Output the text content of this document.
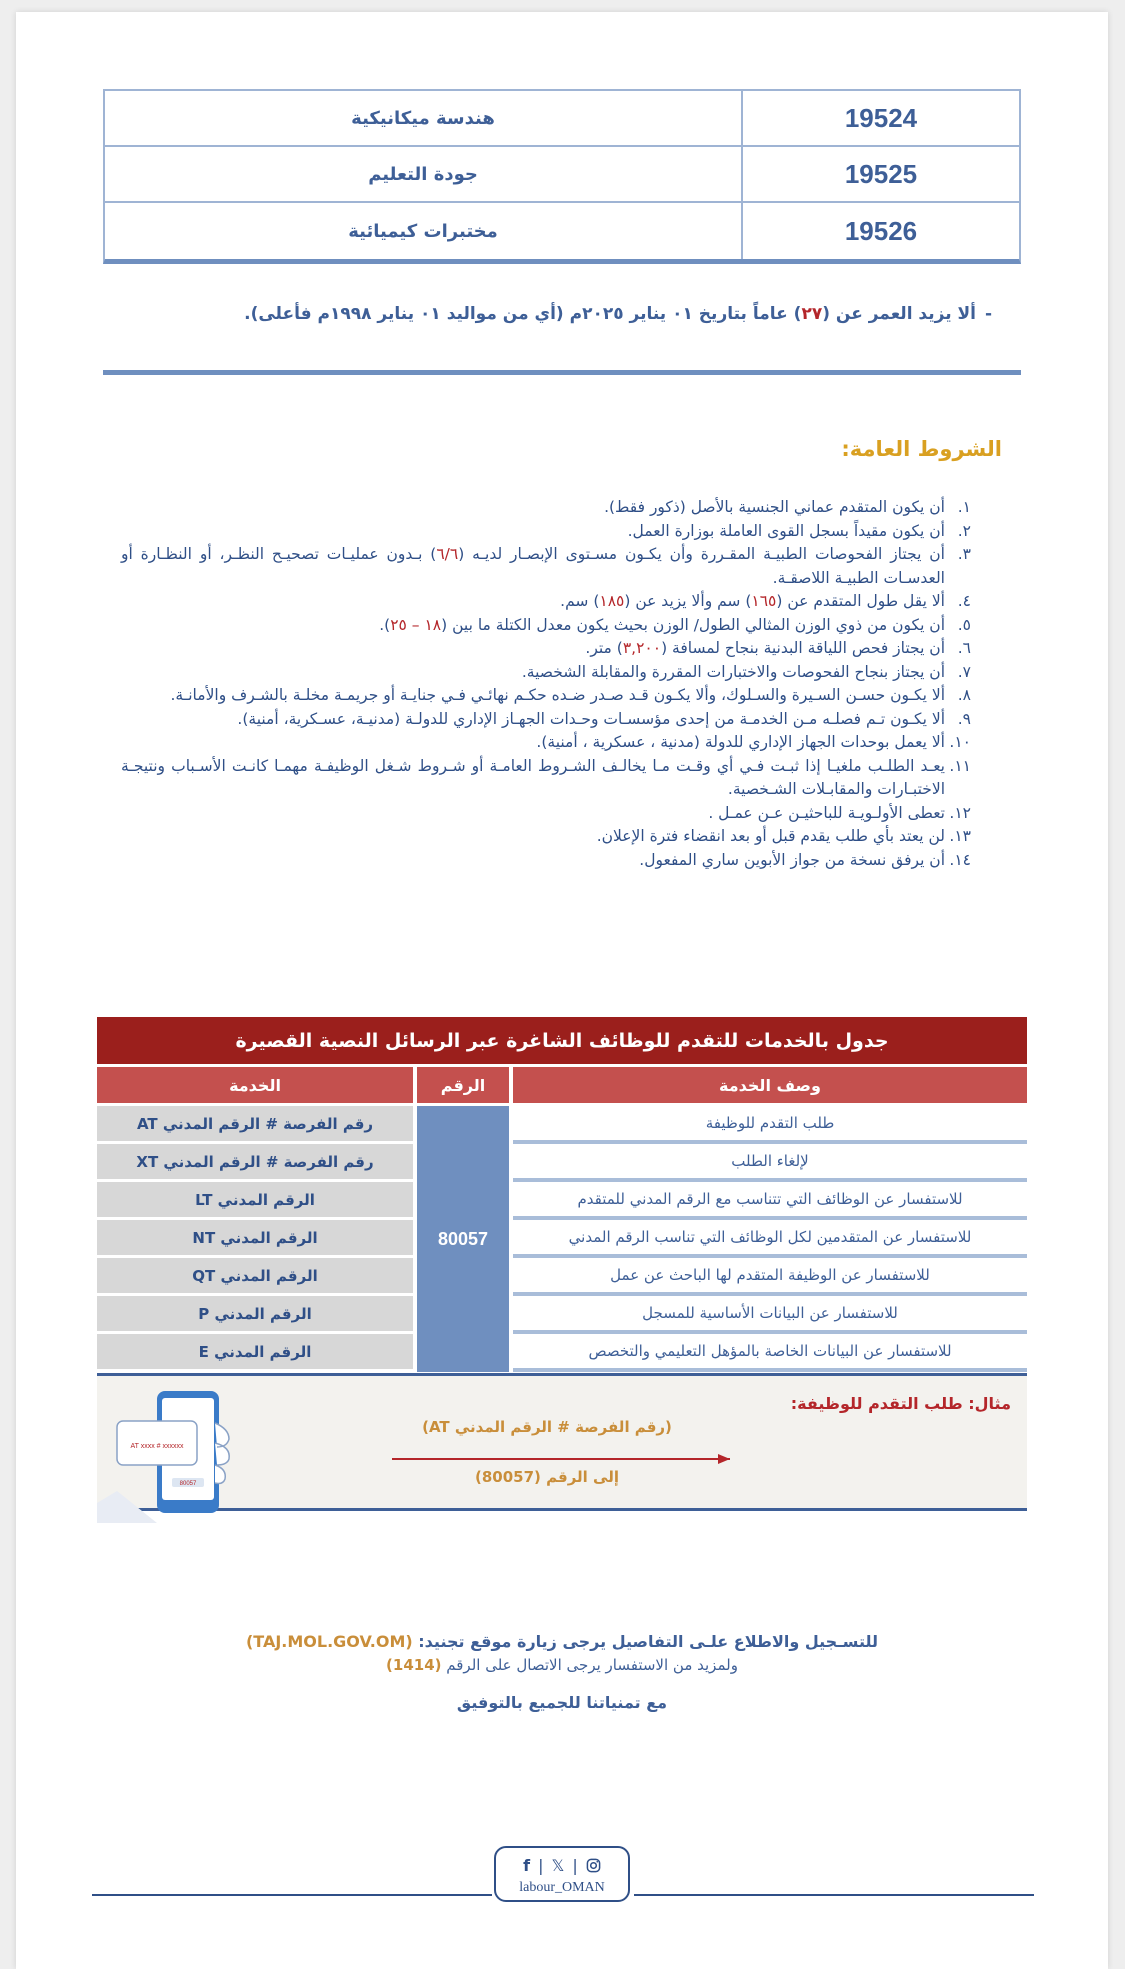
19524
هندسة ميكانيكية
19525
جودة التعليم
19526
مختبرات كيميائية
-
ألا يزيد العمر عن (٢٧) عاماً بتاريخ ٠١ يناير ٢٠٢٥م (أي من مواليد ٠١ يناير ١٩٩٨م فأعلى).
الشروط العامة:
١.
أن يكون المتقدم عماني الجنسية بالأصل (ذكور فقط).
٢.
أن يكون مقيداً بسجل القوى العاملة بوزارة العمل.
٣.
أن يجتاز الفحوصات الطبيـة المقـررة وأن يكـون مسـتوى الإبصـار لديـه (٦/٦) بـدون عمليـات تصحيـح النظـر، أو النظـارة أو العدسـات الطبيـة اللاصقـة.
٤.
ألا يقل طول المتقدم عن (١٦٥) سم وألا يزيد عن (١٨٥) سم.
٥.
أن يكون من ذوي الوزن المثالي الطول/ الوزن بحيث يكون معدل الكتلة ما بين (١٨ – ٢٥).
٦.
أن يجتاز فحص اللياقة البدنية بنجاح لمسافة (٣,٢٠٠) متر.
٧.
أن يجتاز بنجاح الفحوصات والاختبارات المقررة والمقابلة الشخصية.
٨.
ألا يكـون حسـن السـيرة والسـلوك، وألا يكـون قـد صـدر ضـده حكـم نهائـي فـي جنايـة أو جريمـة مخلـة بالشـرف والأمانـة.
٩.
ألا يكـون تـم فصلـه مـن الخدمـة من إحدى مؤسسـات وحـدات الجهـاز الإداري للدولـة (مدنيـة، عسـكرية، أمنية).
١٠.
ألا يعمل بوحدات الجهاز الإداري للدولة (مدنية ، عسكرية ، أمنية).
١١.
يعـد الطلـب ملغيـا إذا ثبـت فـي أي وقـت مـا يخالـف الشـروط العامـة أو شـروط شـغل الوظيفـة مهمـا كانـت الأسـباب ونتيجـة الاختبـارات والمقابـلات الشـخصية.
١٢.
تعطى الأولـويـة للباحثيـن عـن عمـل .
١٣.
لن يعتد بأي طلب يقدم قبل أو بعد انقضاء فترة الإعلان.
١٤.
أن يرفق نسخة من جواز الأبوين ساري المفعول.
جدول بالخدمات للتقدم للوظائف الشاغرة عبر الرسائل النصية القصيرة
وصف الخدمة
الرقم
الخدمة
طلب التقدم للوظيفة
لإلغاء الطلب
للاستفسار عن الوظائف التي تتناسب مع الرقم المدني للمتقدم
للاستفسار عن المتقدمين لكل الوظائف التي تناسب الرقم المدني
للاستفسار عن الوظيفة المتقدم لها الباحث عن عمل
للاستفسار عن البيانات الأساسية للمسجل
للاستفسار عن البيانات الخاصة بالمؤهل التعليمي والتخصص
80057
رقم الفرصة # الرقم المدني AT
رقم الفرصة # الرقم المدني XT
الرقم المدني LT
الرقم المدني NT
الرقم المدني QT
الرقم المدني P
الرقم المدني E
مثال: طلب التقدم للوظيفة:
(رقم الفرصة # الرقم المدني AT)
إلى الرقم (80057)
AT xxxx # xxxxxx
80057
للتسـجيل والاطلاع علـى التفاصيل يرجى زيارة موقع تجنيد: (TAJ.MOL.GOV.OM)
ولمزيد من الاستفسار يرجى الاتصال على الرقم (1414)
مع تمنياتنا للجميع بالتوفيق
f | 𝕏 |
labour_OMAN
